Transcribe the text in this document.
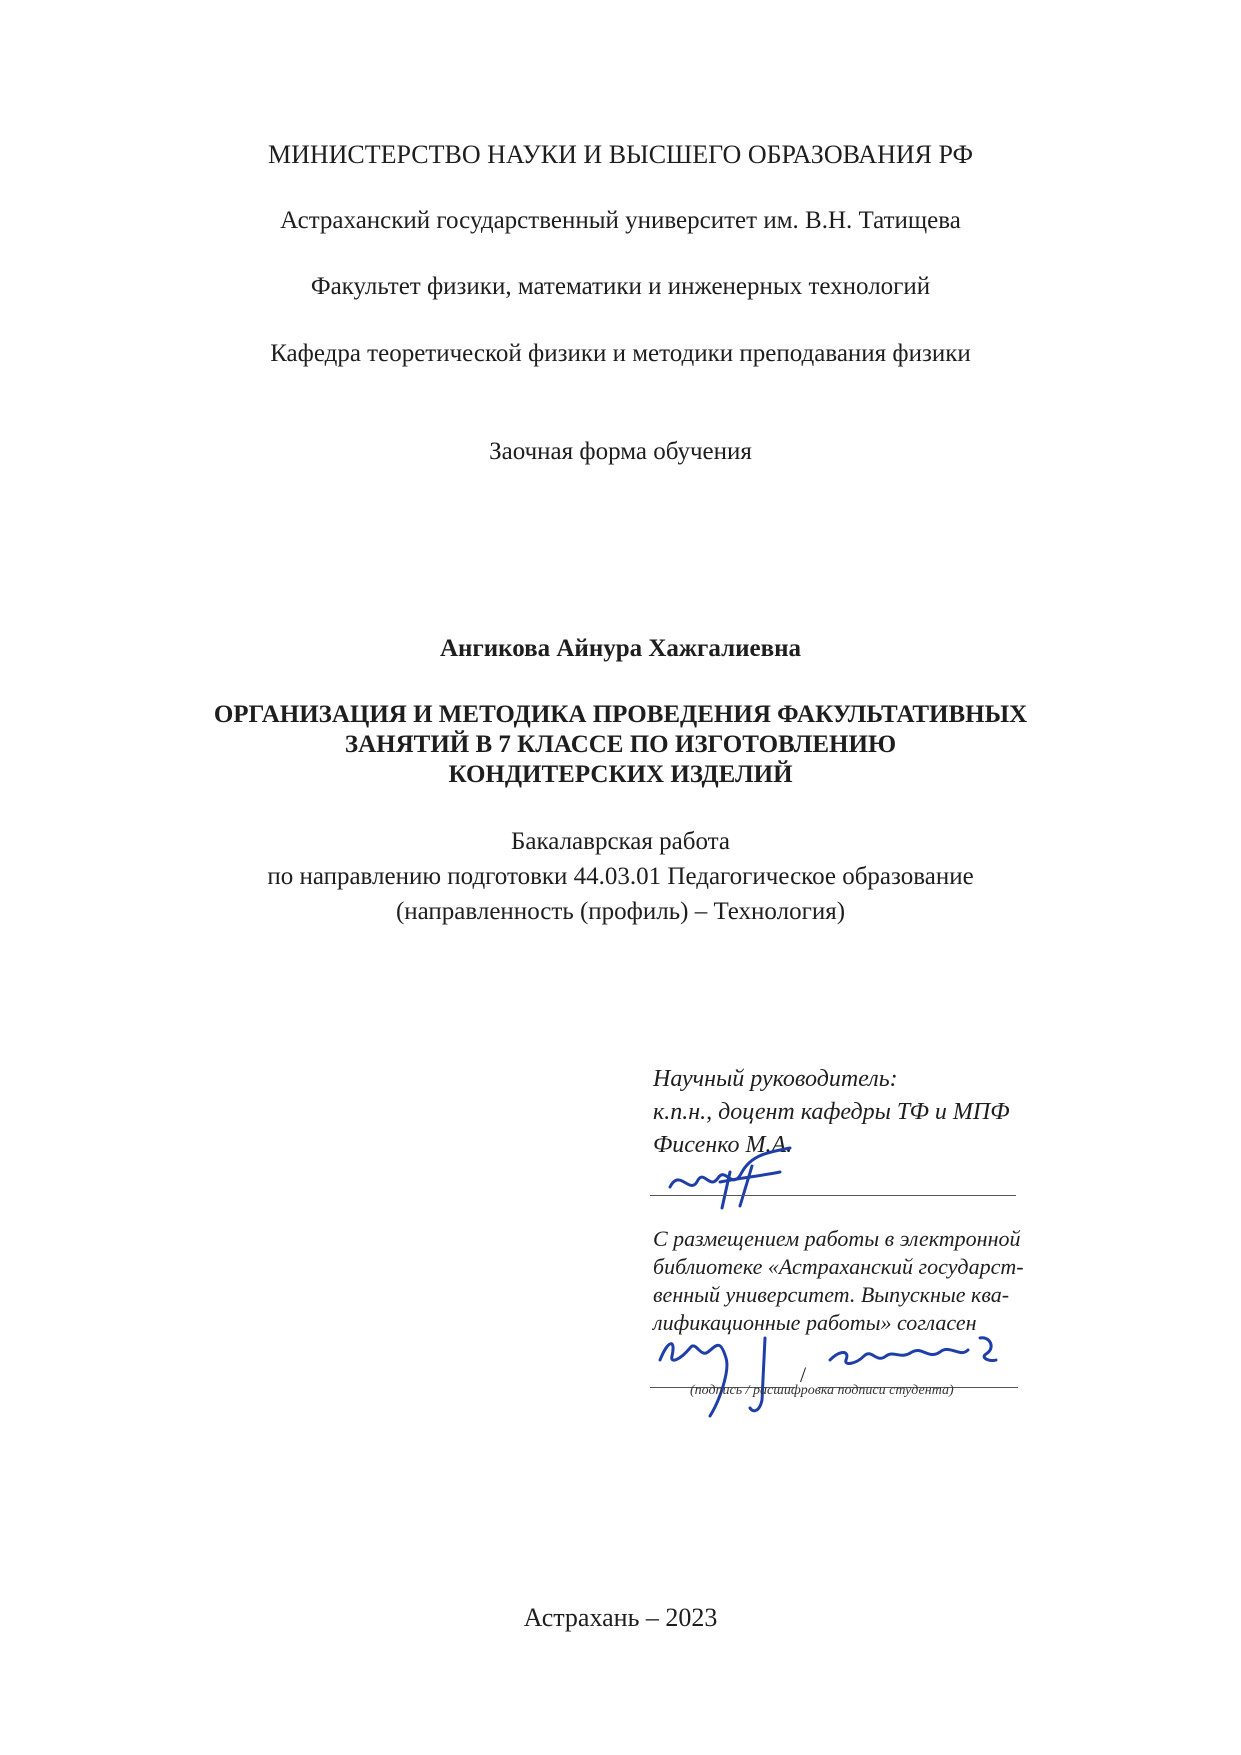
МИНИСТЕРСТВО НАУКИ И ВЫСШЕГО ОБРАЗОВАНИЯ РФ

Астраханский государственный университет им. В.Н. Татищева

Факультет физики, математики и инженерных технологий

Кафедра теоретической физики и методики преподавания физики

Заочная форма обучения

Ангикова Айнура Хажгалиевна

ОРГАНИЗАЦИЯ И МЕТОДИКА ПРОВЕДЕНИЯ ФАКУЛЬТАТИВНЫХ
ЗАНЯТИЙ В 7 КЛАССЕ ПО ИЗГОТОВЛЕНИЮ
КОНДИТЕРСКИХ ИЗДЕЛИЙ

Бакалаврская работа

по направлению подготовки 44.03.01 Педагогическое образование

(направленность (профиль) – Технология)

Научный руководитель:
к.п.н., доцент кафедры ТФ и МПФ
Фисенко М.А.
С размещением работы в электронной
библиотеке «Астраханский государст-
венный университет. Выпускные ква-
лификационные работы» согласен
/
(подпись / расшифровка подписи студента)

Астрахань – 2023
